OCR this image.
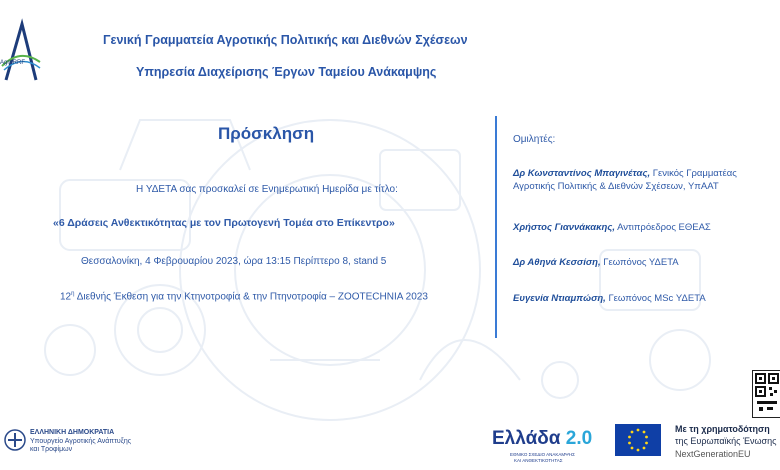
AgroRRF
Γενική Γραμματεία Αγροτικής Πολιτικής και Διεθνών Σχέσεων
Υπηρεσία Διαχείρισης Έργων Ταμείου Ανάκαμψης
Πρόσκληση
Η ΥΔΕΤΑ σας προσκαλεί σε Ενημερωτική Ημερίδα με τίτλο:
«6 Δράσεις Ανθεκτικότητας με τον Πρωτογενή Τομέα στο Επίκεντρο»
Θεσσαλονίκη, 4 Φεβρουαρίου 2023, ώρα 13:15 Περίπτερο 8, stand 5
$12^\eta$ Διεθνής Έκθεση για την Κτηνοτροφία & την Πτηνοτροφία – ZOOTECHNIA 2023
Ομιλητές:
Δρ Κωνσταντίνος Μπαγινέτας, Γενικός Γραμματέας
Αγροτικής Πολιτικής & Διεθνών Σχέσεων, ΥπΑΑΤ
Χρήστος Γιαννάκακης, Αντιπρόεδρος ΕΘΕΑΣ
Δρ Αθηνά Κεσσίση, Γεωπόνος ΥΔΕΤΑ
Ευγενία Ντιαμπώση, Γεωπόνος MSc ΥΔΕΤΑ
ΕΛΛΗΝΙΚΗ ΔΗΜΟΚΡΑΤΙΑ
Υπουργείο Αγροτικής Ανάπτυξης
και Τροφίμων
Ελλάδα 2.0
ΕΘΝΙΚΟ ΣΧΕΔΙΟ ΑΝΑΚΑΜΨΗΣ
ΚΑΙ ΑΝΘΕΚΤΙΚΟΤΗΤΑΣ
Με τη χρηματοδότηση
της Ευρωπαϊκής Ένωσης
NextGenerationEU
